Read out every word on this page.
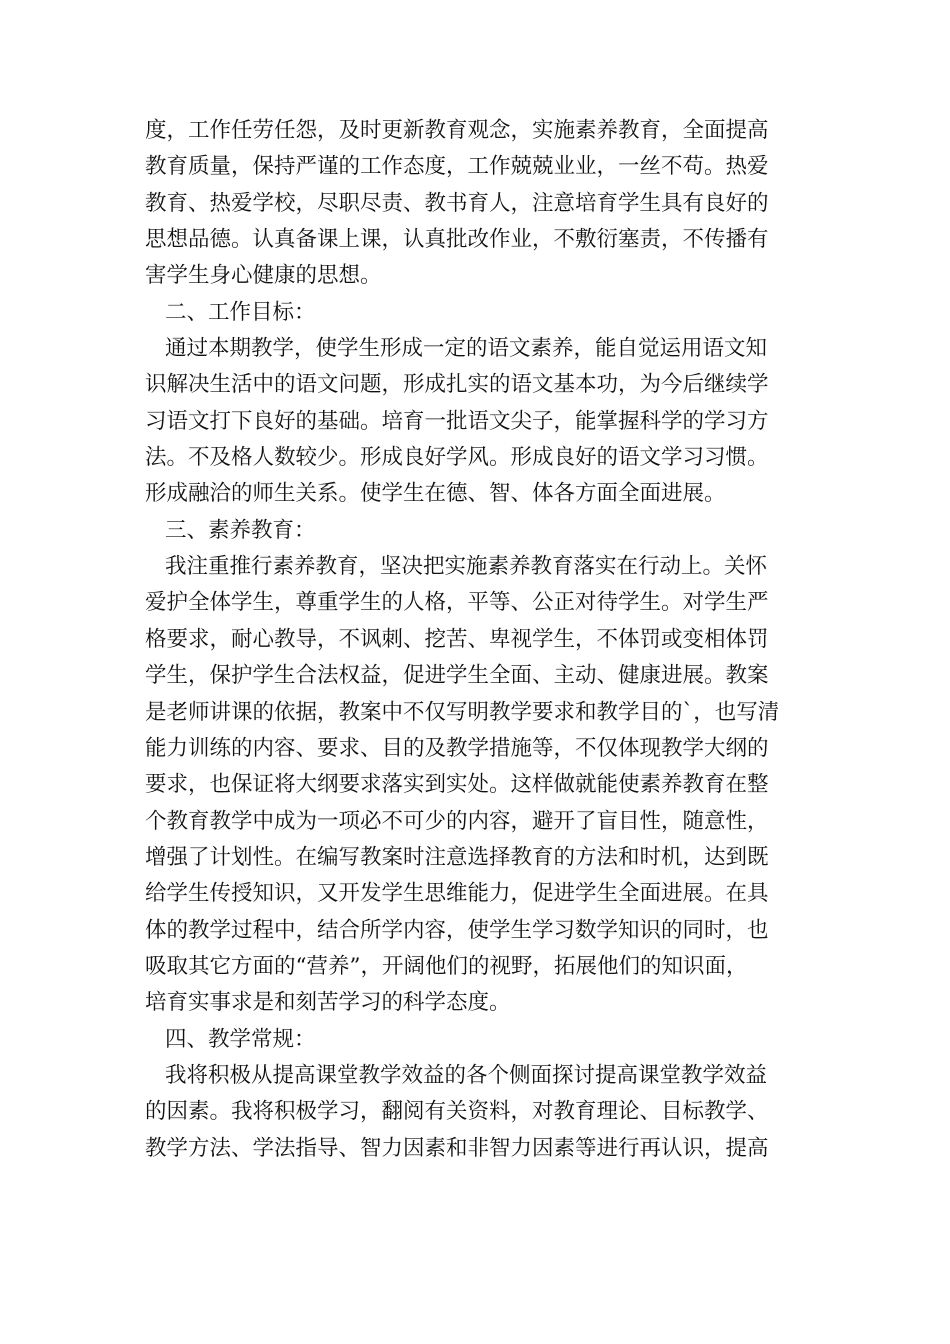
度，工作任劳任怨，及时更新教育观念，实施素养教育，全面提高
教育质量，保持严谨的工作态度，工作兢兢业业，一丝不苟。热爱
教育、热爱学校，尽职尽责、教书育人，注意培育学生具有良好的
思想品德。认真备课上课，认真批改作业，不敷衍塞责，不传播有
害学生身心健康的思想。
二、工作目标：
通过本期教学，使学生形成一定的语文素养，能自觉运用语文知
识解决生活中的语文问题，形成扎实的语文基本功，为今后继续学
习语文打下良好的基础。培育一批语文尖子，能掌握科学的学习方
法。不及格人数较少。形成良好学风。形成良好的语文学习习惯。
形成融洽的师生关系。使学生在德、智、体各方面全面进展。
三、素养教育：
我注重推行素养教育，坚决把实施素养教育落实在行动上。关怀
爱护全体学生，尊重学生的人格，平等、公正对待学生。对学生严
格要求，耐心教导，不讽刺、挖苦、卑视学生，不体罚或变相体罚
学生，保护学生合法权益，促进学生全面、主动、健康进展。教案
是老师讲课的依据，教案中不仅写明教学要求和教学目的`，也写清
能力训练的内容、要求、目的及教学措施等，不仅体现教学大纲的
要求，也保证将大纲要求落实到实处。这样做就能使素养教育在整
个教育教学中成为一项必不可少的内容，避开了盲目性，随意性，
增强了计划性。在编写教案时注意选择教育的方法和时机，达到既
给学生传授知识，又开发学生思维能力，促进学生全面进展。在具
体的教学过程中，结合所学内容，使学生学习数学知识的同时，也
吸取其它方面的“营养”，开阔他们的视野，拓展他们的知识面，
培育实事求是和刻苦学习的科学态度。
四、教学常规：
我将积极从提高课堂教学效益的各个侧面探讨提高课堂教学效益
的因素。我将积极学习，翻阅有关资料，对教育理论、目标教学、
教学方法、学法指导、智力因素和非智力因素等进行再认识，提高
